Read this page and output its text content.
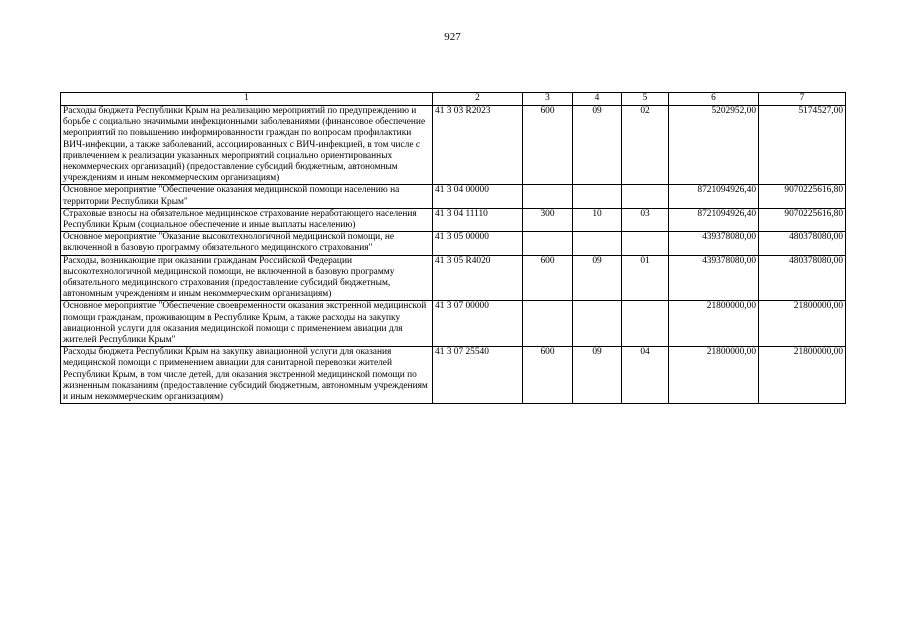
927
1	2	3	4	5	6	7
Расходы бюджета Республики Крым на реализацию мероприятий по предупреждению и борьбе с социально значимыми инфекционными заболеваниями (финансовое обеспечение мероприятий по повышению информированности граждан по вопросам профилактики ВИЧ-инфекции, а также заболеваний, ассоциированных с ВИЧ-инфекцией, в том числе с привлечением к реализации указанных мероприятий социально ориентированных некоммерческих организаций) (предоставление субсидий бюджетным, автономным учреждениям и иным некоммерческим организациям)	41 3 03 R2023	600	09	02	5202952,00	5174527,00
Основное мероприятие "Обеспечение оказания медицинской помощи населению на территории Республики Крым"	41 3 04 00000				8721094926,40	9070225616,80
Страховые взносы на обязательное медицинское страхование неработающего населения Республики Крым (социальное обеспечение и иные выплаты населению)	41 3 04 11110	300	10	03	8721094926,40	9070225616,80
Основное мероприятие "Оказание высокотехнологичной медицинской помощи, не включенной в базовую программу обязательного медицинского страхования"	41 3 05 00000				439378080,00	480378080,00
Расходы, возникающие при оказании гражданам Российской Федерации высокотехнологичной медицинской помощи, не включенной в базовую программу обязательного медицинского страхования (предоставление субсидий бюджетным, автономным учреждениям и иным некоммерческим организациям)	41 3 05 R4020	600	09	01	439378080,00	480378080,00
Основное мероприятие "Обеспечение своевременности оказания экстренной медицинской помощи гражданам, проживающим в Республике Крым, а также расходы на закупку авиационной услуги для оказания медицинской помощи с применением авиации для жителей Республики Крым"	41 3 07 00000				21800000,00	21800000,00
Расходы бюджета Республики Крым на закупку авиационной услуги для оказания медицинской помощи с применением авиации для санитарной перевозки жителей Республики Крым, в том числе детей, для оказания экстренной медицинской помощи по жизненным показаниям (предоставление субсидий бюджетным, автономным учреждениям и иным некоммерческим организациям)	41 3 07 25540	600	09	04	21800000,00	21800000,00
